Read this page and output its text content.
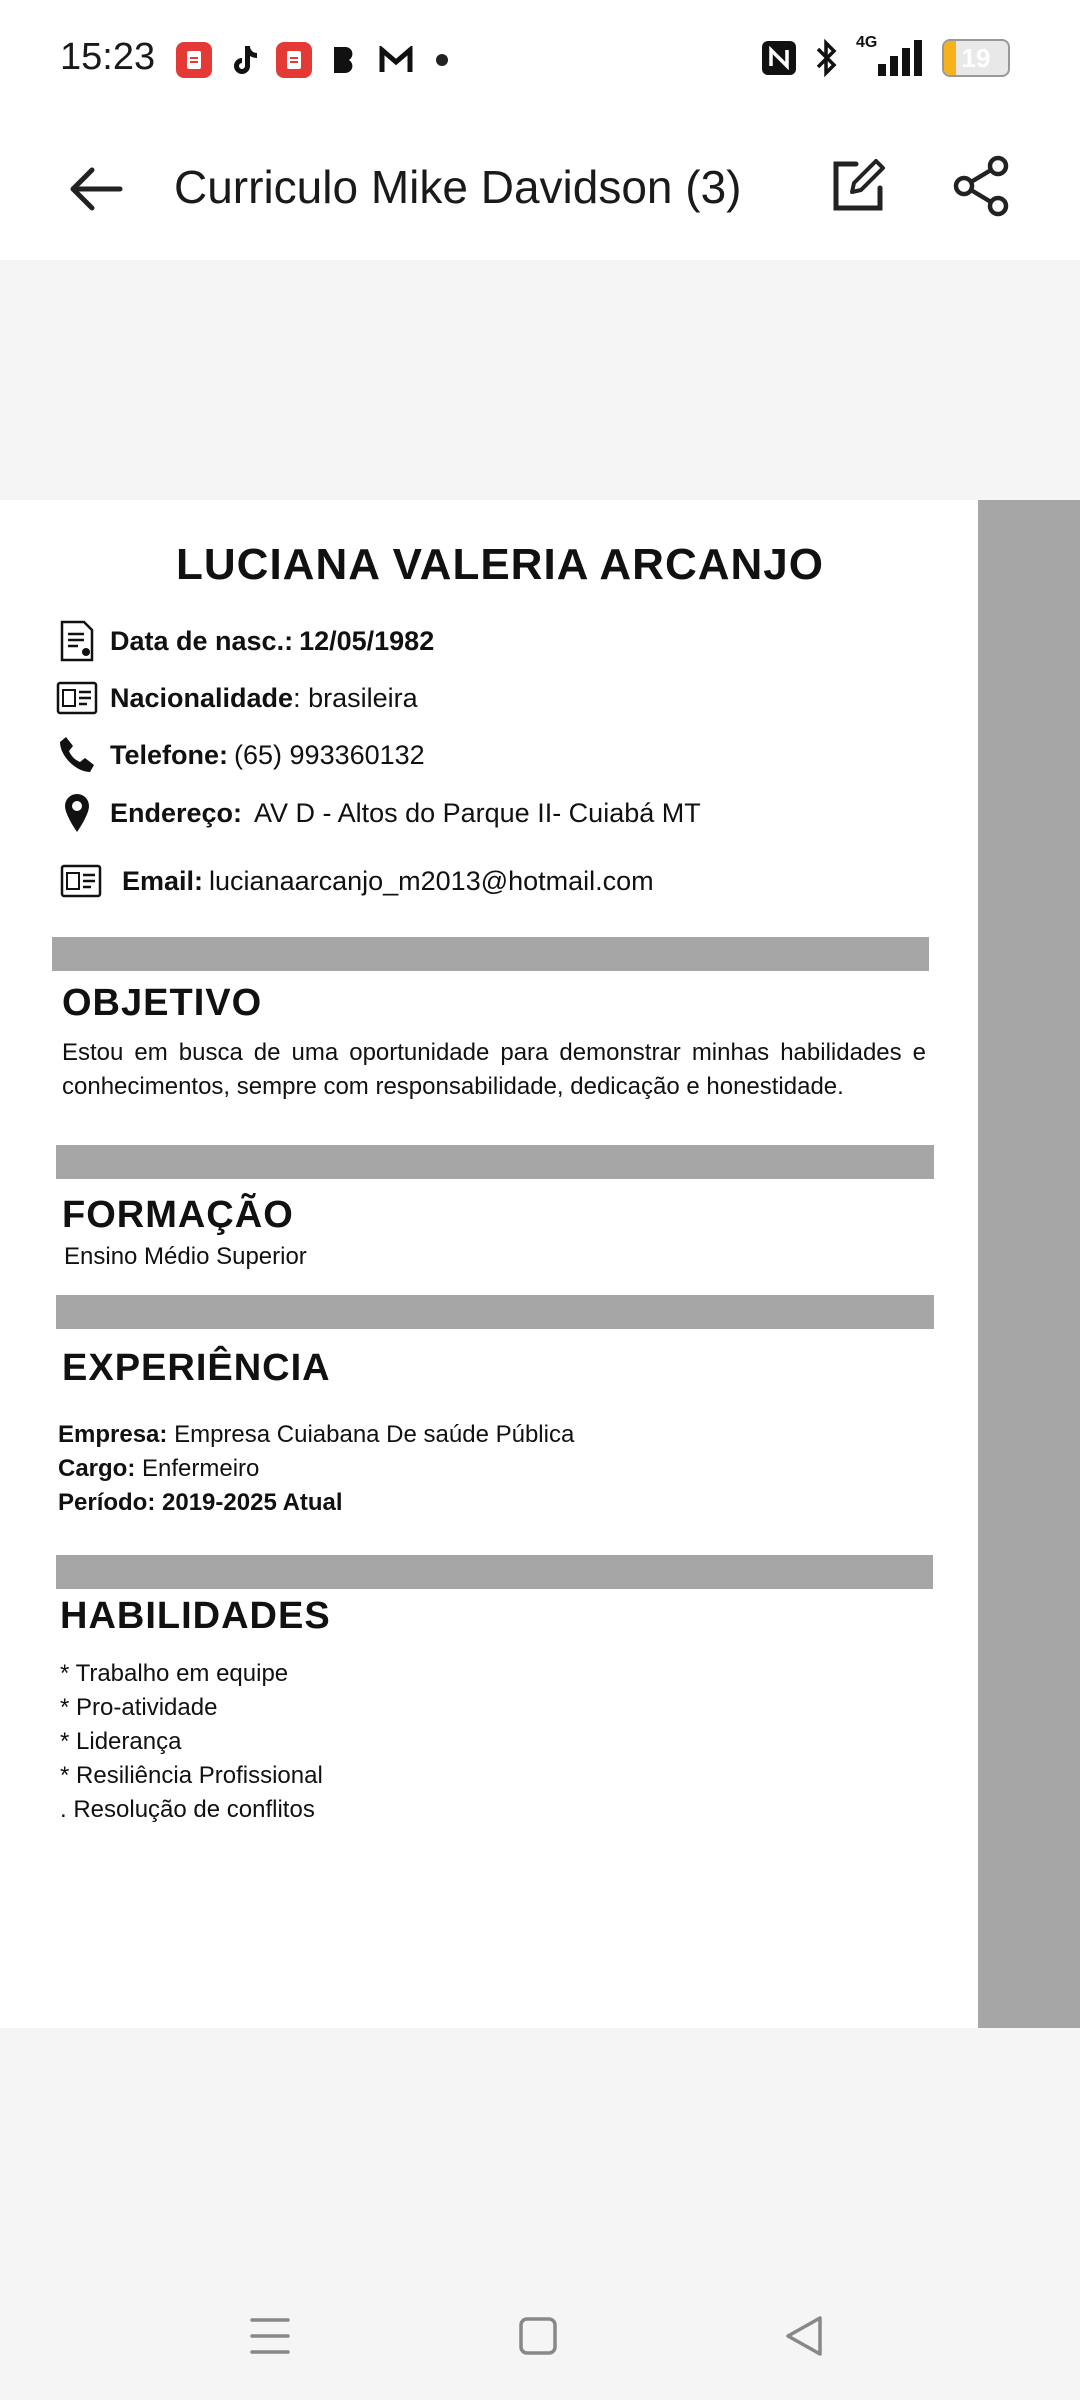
15:23	4G
19
Curriculo Mike Davidson (3)
LUCIANA VALERIA ARCANJO
Data de nasc.: 12/05/1982
Nacionalidade : brasileira
Telefone: (65) 993360132
Endereço: AV D - Altos do Parque II- Cuiabá MT
Email: lucianaarcanjo_m2013@hotmail.com
OBJETIVO
Estou em busca de uma oportunidade para demonstrar minhas habilidades e conhecimentos, sempre com responsabilidade, dedicação e honestidade.
FORMAÇÃO
Ensino Médio Superior
EXPERIÊNCIA
Empresa: Empresa Cuiabana De saúde Pública
Cargo: Enfermeiro
Período: 2019-2025 Atual
HABILIDADES
* Trabalho em equipe
* Pro-atividade
* Liderança
* Resiliência Profissional
. Resolução de conflitos
